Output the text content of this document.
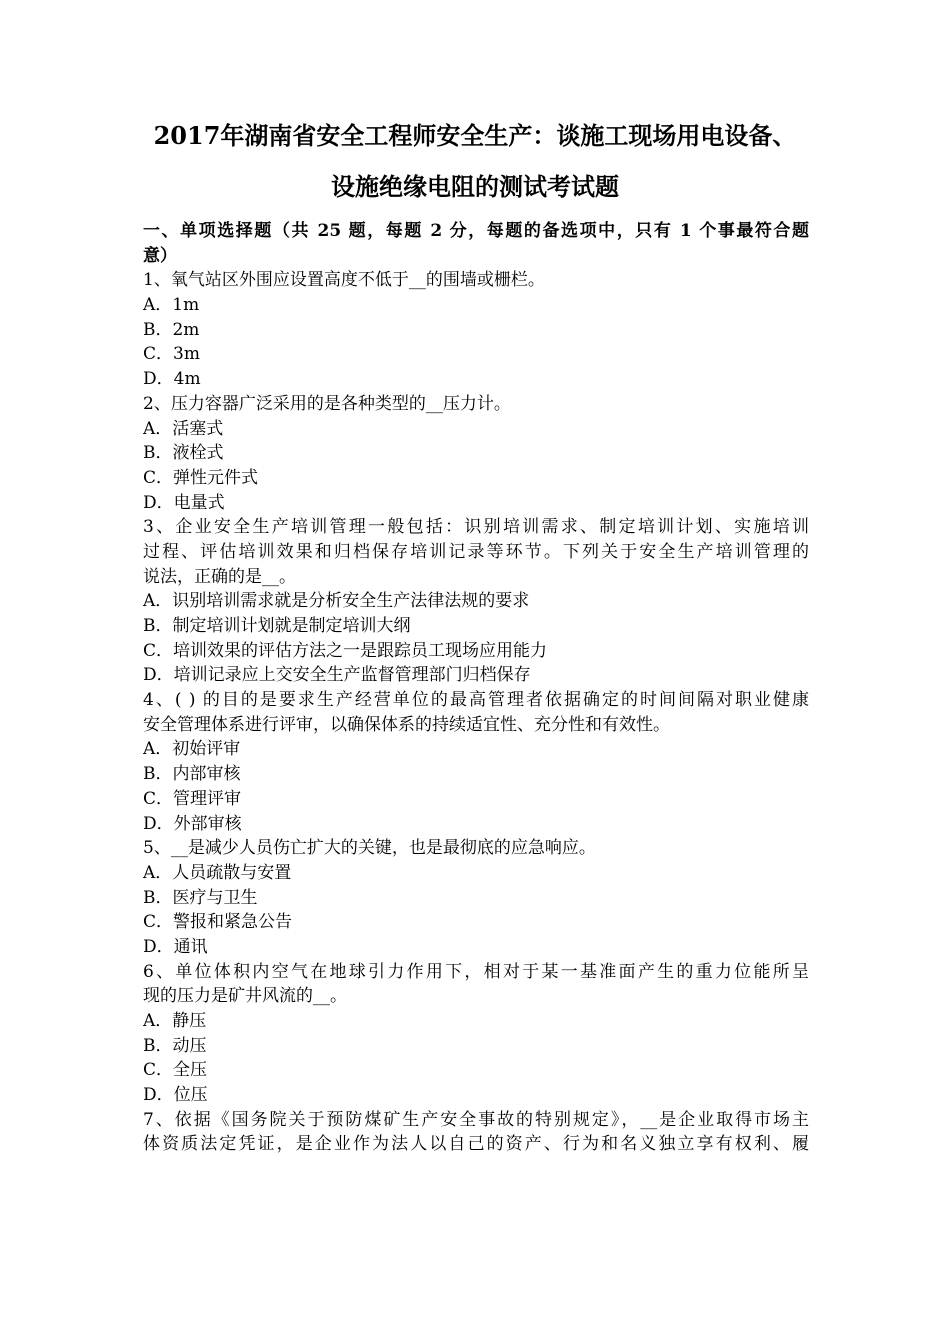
2017年湖南省安全工程师安全生产：谈施工现场用电设备、
设施绝缘电阻的测试考试题
一、单项选择题（共 25 题，每题 2 分，每题的备选项中，只有 1 个事最符合题
意）
1、氧气站区外围应设置高度不低于__的围墙或栅栏。
A．1m
B．2m
C．3m
D．4m
2、压力容器广泛采用的是各种类型的__压力计。
A．活塞式
B．液栓式
C．弹性元件式
D．电量式
3、企业安全生产培训管理一般包括：识别培训需求、制定培训计划、实施培训
过程、评估培训效果和归档保存培训记录等环节。下列关于安全生产培训管理的
说法，正确的是__。
A．识别培训需求就是分析安全生产法律法规的要求
B．制定培训计划就是制定培训大纲
C．培训效果的评估方法之一是跟踪员工现场应用能力
D．培训记录应上交安全生产监督管理部门归档保存
4、( ) 的目的是要求生产经营单位的最高管理者依据确定的时间间隔对职业健康
安全管理体系进行评审，以确保体系的持续适宜性、充分性和有效性。
A．初始评审
B．内部审核
C．管理评审
D．外部审核
5、__是减少人员伤亡扩大的关键，也是最彻底的应急响应。
A．人员疏散与安置
B．医疗与卫生
C．警报和紧急公告
D．通讯
6、单位体积内空气在地球引力作用下，相对于某一基准面产生的重力位能所呈
现的压力是矿井风流的__。
A．静压
B．动压
C．全压
D．位压
7、依据《国务院关于预防煤矿生产安全事故的特别规定》，__是企业取得市场主
体资质法定凭证，是企业作为法人以自己的资产、行为和名义独立享有权利、履
